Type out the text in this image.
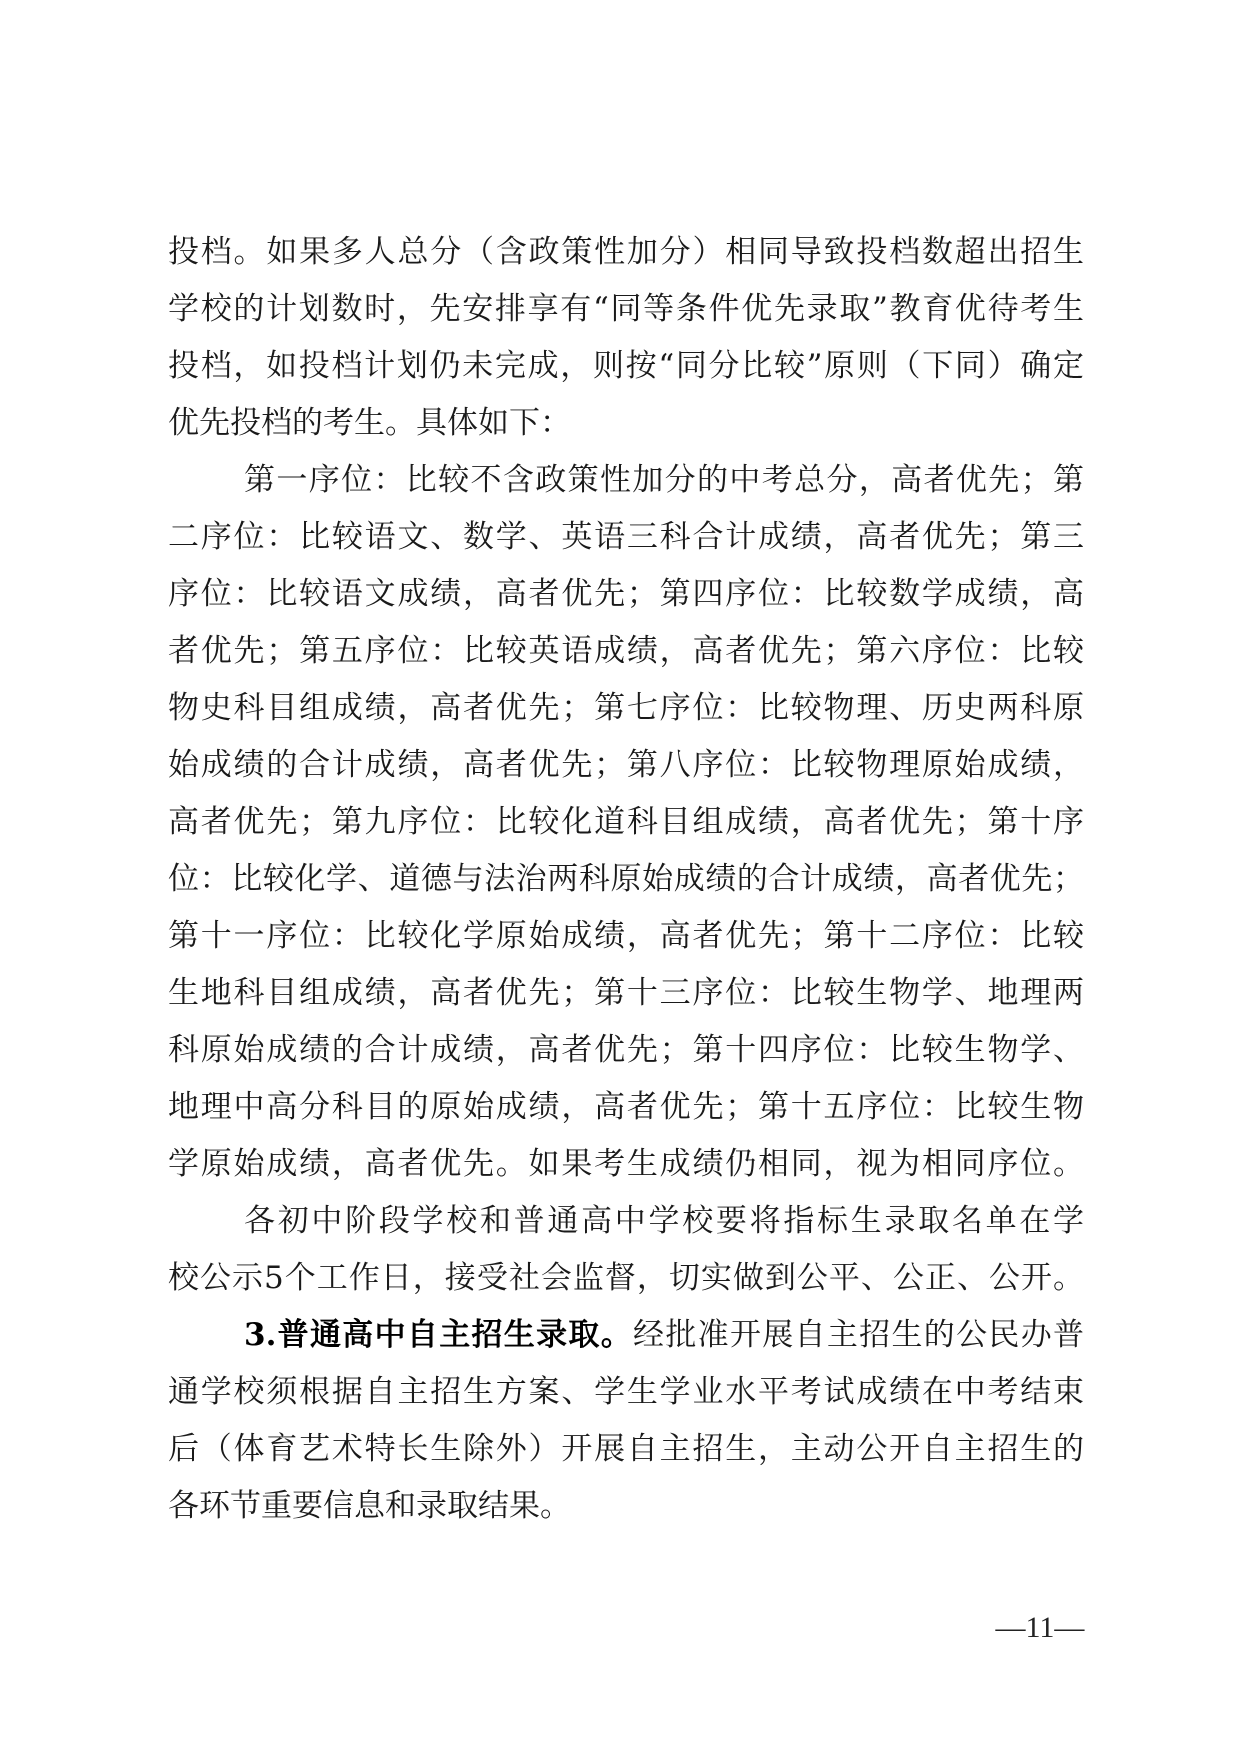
投档。如果多人总分（含政策性加分）相同导致投档数超出招生
学校的计划数时，先安排享有“同等条件优先录取”教育优待考生
投档，如投档计划仍未完成，则按“同分比较”原则（下同）确定
优先投档的考生。具体如下：
第一序位：比较不含政策性加分的中考总分，高者优先；第
二序位：比较语文、数学、英语三科合计成绩，高者优先；第三
序位：比较语文成绩，高者优先；第四序位：比较数学成绩，高
者优先；第五序位：比较英语成绩，高者优先；第六序位：比较
物史科目组成绩，高者优先；第七序位：比较物理、历史两科原
始成绩的合计成绩，高者优先；第八序位：比较物理原始成绩，
高者优先；第九序位：比较化道科目组成绩，高者优先；第十序
位：比较化学、道德与法治两科原始成绩的合计成绩，高者优先；
第十一序位：比较化学原始成绩，高者优先；第十二序位：比较
生地科目组成绩，高者优先；第十三序位：比较生物学、地理两
科原始成绩的合计成绩，高者优先；第十四序位：比较生物学、
地理中高分科目的原始成绩，高者优先；第十五序位：比较生物
学原始成绩，高者优先。如果考生成绩仍相同，视为相同序位。
各初中阶段学校和普通高中学校要将指标生录取名单在学
校公示5个工作日，接受社会监督，切实做到公平、公正、公开。
3.普通高中自主招生录取。经批准开展自主招生的公民办普
通学校须根据自主招生方案、学生学业水平考试成绩在中考结束
后（体育艺术特长生除外）开展自主招生，主动公开自主招生的
各环节重要信息和录取结果。
—11—
